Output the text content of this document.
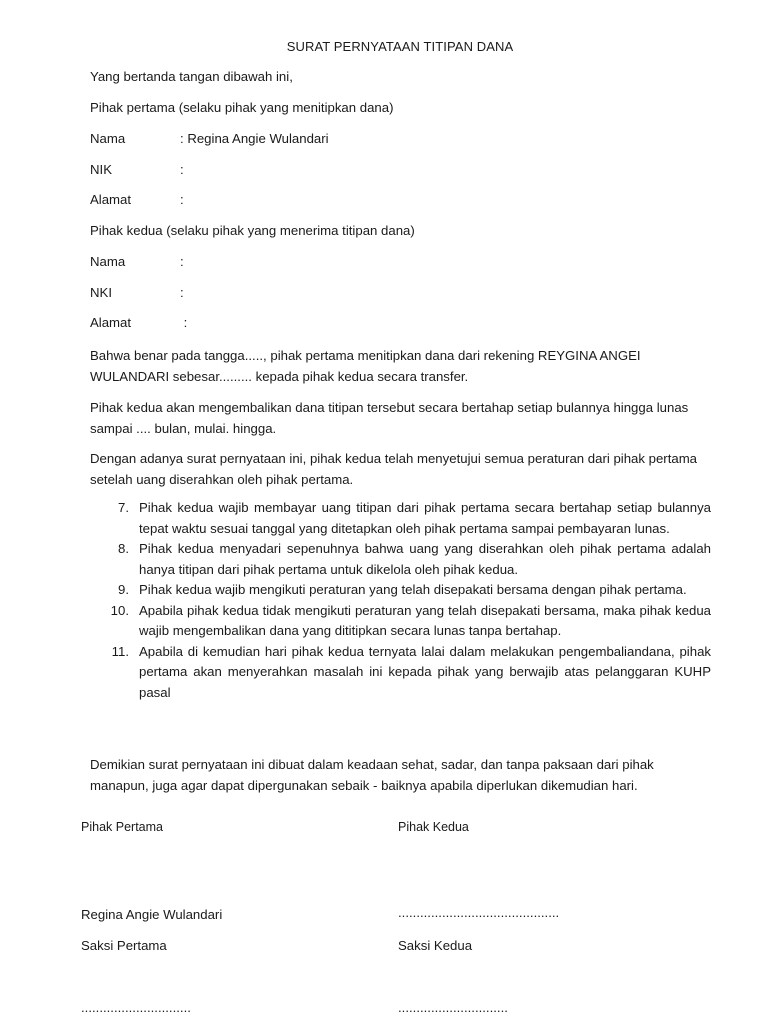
SURAT PERNYATAAN TITIPAN DANA
Yang bertanda tangan dibawah ini,
Pihak pertama (selaku pihak yang menitipkan dana)
Nama	: Regina Angie Wulandari
NIK	:
Alamat	:
Pihak kedua (selaku pihak yang menerima titipan dana)
Nama	:
NKI	:
Alamat	:
Bahwa benar pada tangga....., pihak pertama menitipkan dana dari rekening REYGINA ANGEI WULANDARI sebesar......... kepada pihak kedua secara transfer.
Pihak kedua akan mengembalikan dana titipan tersebut secara bertahap setiap bulannya hingga lunas sampai .... bulan, mulai. hingga.
Dengan adanya surat pernyataan ini, pihak kedua telah menyetujui semua peraturan dari pihak pertama setelah uang diserahkan oleh pihak pertama.
7. Pihak kedua wajib membayar uang titipan dari pihak pertama secara bertahap setiap bulannya tepat waktu sesuai tanggal yang ditetapkan oleh pihak pertama sampai pembayaran lunas.
8. Pihak kedua menyadari sepenuhnya bahwa uang yang diserahkan oleh pihak pertama adalah hanya titipan dari pihak pertama untuk dikelola oleh pihak kedua.
9. Pihak kedua wajib mengikuti peraturan yang telah disepakati bersama dengan pihak pertama.
10. Apabila pihak kedua tidak mengikuti peraturan yang telah disepakati bersama, maka pihak kedua wajib mengembalikan dana yang dititipkan secara lunas tanpa bertahap.
11. Apabila di kemudian hari pihak kedua ternyata lalai dalam melakukan pengembaliandana, pihak pertama akan menyerahkan masalah ini kepada pihak yang berwajib atas pelanggaran KUHP pasal
Demikian surat pernyataan ini dibuat dalam keadaan sehat, sadar, dan tanpa paksaan dari pihak manapun, juga agar dapat dipergunakan sebaik - baiknya apabila diperlukan dikemudian hari.
Pihak Pertama	Pihak Kedua
Regina Angie Wulandari	............................................
Saksi Pertama	Saksi Kedua
..............................	..............................
